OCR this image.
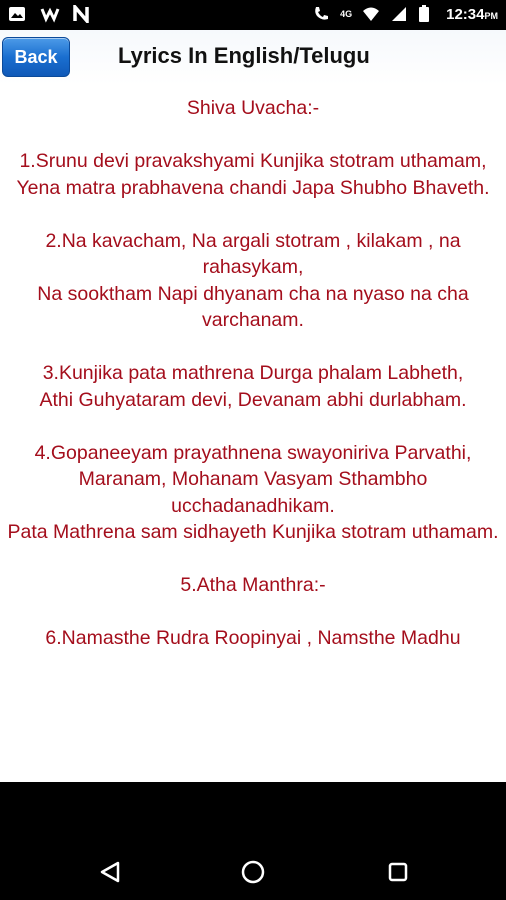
4G	12:34PM
Back	Lyrics In English/Telugu

Shiva Uvacha:-

1.Srunu devi pravakshyami Kunjika stotram uthamam,
Yena matra prabhavena chandi Japa Shubho Bhaveth.

2.Na kavacham, Na argali stotram , kilakam , na rahasykam,
Na sooktham Napi dhyanam cha na nyaso na cha varchanam.

3.Kunjika pata mathrena Durga phalam Labheth,
Athi Guhyataram devi, Devanam abhi durlabham.

4.Gopaneeyam prayathnena swayoniriva Parvathi,
Maranam, Mohanam Vasyam Sthambho ucchadanadhikam.
Pata Mathrena sam sidhayeth Kunjika stotram uthamam.

5.Atha Manthra:-

6.Namasthe Rudra Roopinyai , Namsthe Madhu
